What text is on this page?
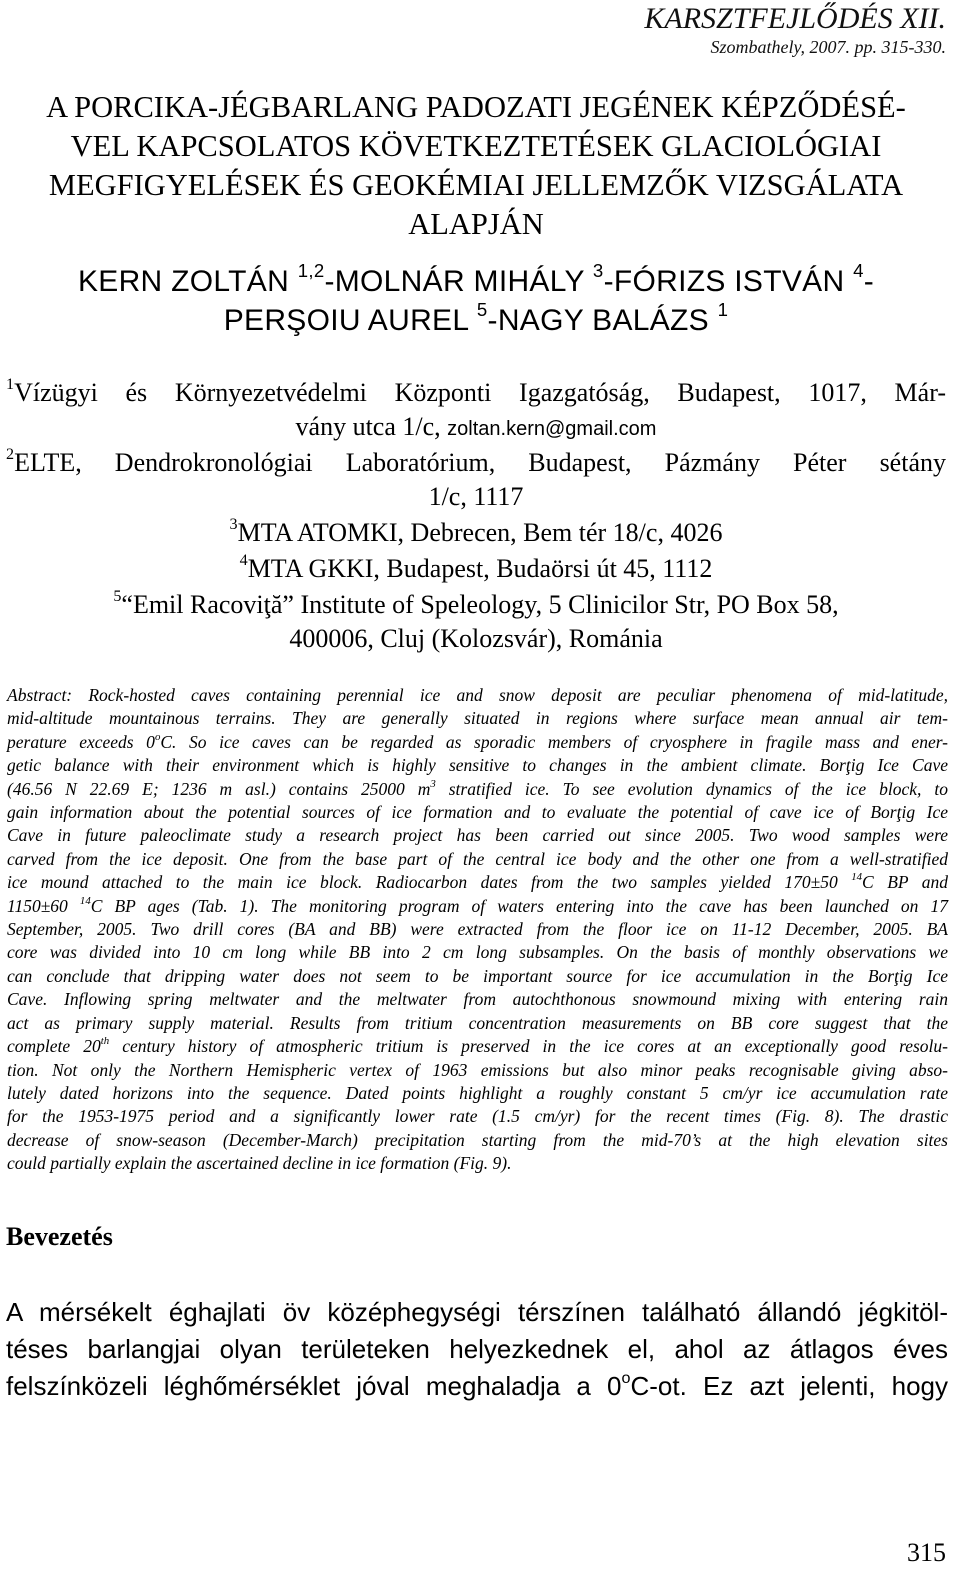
KARSZTFEJLŐDÉS XII.
Szombathely, 2007. pp. 315-330.
A PORCIKA-JÉGBARLANG PADOZATI JEGÉNEK KÉPZŐDÉSÉ-
VEL KAPCSOLATOS KÖVETKEZTETÉSEK GLACIOLÓGIAI
MEGFIGYELÉSEK ÉS GEOKÉMIAI JELLEMZŐK VIZSGÁLATA
ALAPJÁN
KERN ZOLTÁN $^{1,2}$-MOLNÁR MIHÁLY $^3$-FÓRIZS ISTVÁN $^4$-
PERŞOIU AUREL $^5$-NAGY BALÁZS $^1$
$^1$Vízügyi és Környezetvédelmi Központi Igazgatóság, Budapest, 1017, Már-
vány utca 1/c, zoltan.kern@gmail.com
$^2$ELTE, Dendrokronológiai Laboratórium, Budapest, Pázmány Péter sétány
1/c, 1117
$^3$MTA ATOMKI, Debrecen, Bem tér 18/c, 4026
$^4$MTA GKKI, Budapest, Budaörsi út 45, 1112
$^5$“Emil Racoviţă” Institute of Speleology, 5 Clinicilor Str, PO Box 58,
400006, Cluj (Kolozsvár), Románia
Abstract: Rock-hosted caves containing perennial ice and snow deposit are peculiar phenomena of mid-latitude,
mid-altitude mountainous terrains. They are generally situated in regions where surface mean annual air tem-
perature exceeds 0$^o$C. So ice caves can be regarded as sporadic members of cryosphere in fragile mass and ener-
getic balance with their environment which is highly sensitive to changes in the ambient climate. Borţig Ice Cave
(46.56 N 22.69 E; 1236 m asl.) contains 25000 $m^3$ stratified ice. To see evolution dynamics of the ice block, to
gain information about the potential sources of ice formation and to evaluate the potential of cave ice of Borţig Ice
Cave in future paleoclimate study a research project has been carried out since 2005. Two wood samples were
carved from the ice deposit. One from the base part of the central ice body and the other one from a well-stratified
ice mound attached to the main ice block. Radiocarbon dates from the two samples yielded 170±50 $^{14}$C BP and
1150±60 $^{14}$C BP ages (Tab. 1). The monitoring program of waters entering into the cave has been launched on 17
September, 2005. Two drill cores (BA and BB) were extracted from the floor ice on 11-12 December, 2005. BA
core was divided into 10 cm long while BB into 2 cm long subsamples. On the basis of monthly observations we
can conclude that dripping water does not seem to be important source for ice accumulation in the Borţig Ice
Cave. Inflowing spring meltwater and the meltwater from autochthonous snowmound mixing with entering rain
act as primary supply material. Results from tritium concentration measurements on BB core suggest that the
complete 20th century history of atmospheric tritium is preserved in the ice cores at an exceptionally good resolu-
tion. Not only the Northern Hemispheric vertex of 1963 emissions but also minor peaks recognisable giving abso-
lutely dated horizons into the sequence. Dated points highlight a roughly constant 5 cm/yr ice accumulation rate
for the 1953-1975 period and a significantly lower rate (1.5 cm/yr) for the recent times (Fig. 8). The drastic
decrease of snow-season (December-March) precipitation starting from the mid-70’s at the high elevation sites
could partially explain the ascertained decline in ice formation (Fig. 9).
Bevezetés
A mérsékelt éghajlati öv középhegységi térszínen található állandó jégkitöl-
téses barlangjai olyan területeken helyezkednek el, ahol az átlagos éves
felszínközeli léghőmérséklet jóval meghaladja a 0$^o$C-ot. Ez azt jelenti, hogy
315
